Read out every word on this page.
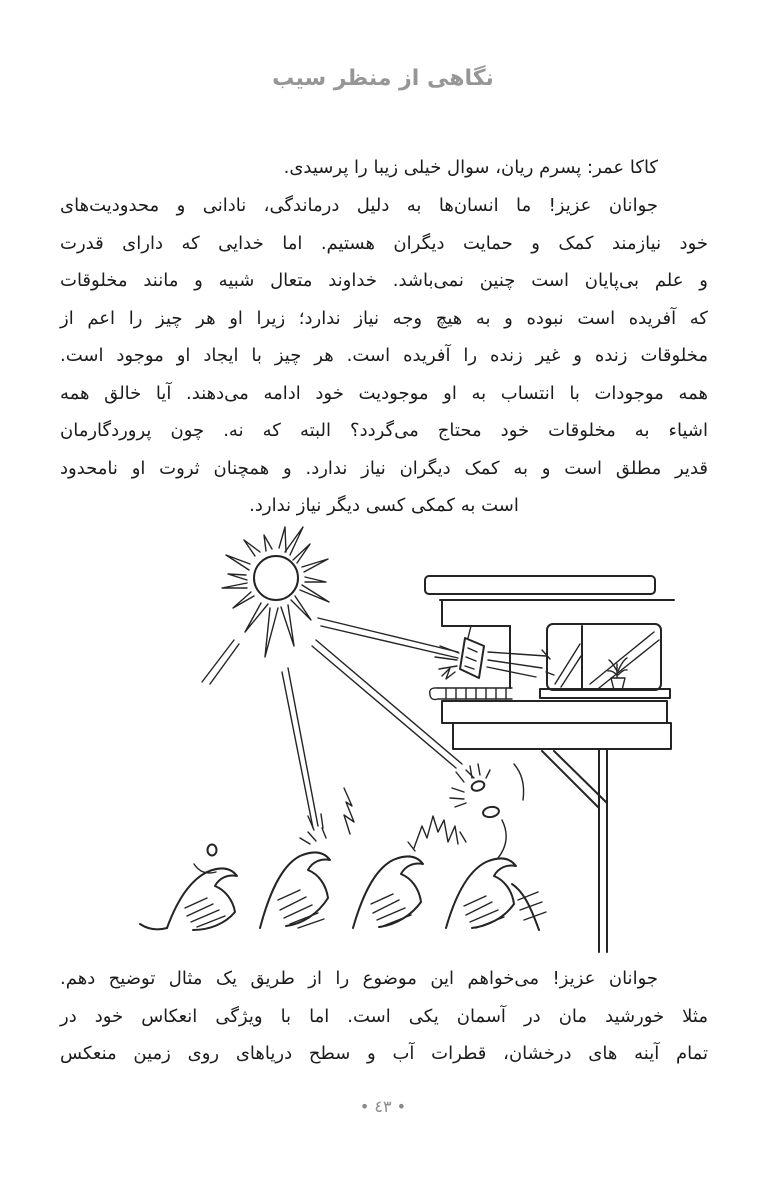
نگاهی از منظر سیب
کاکا عمر: پسرم ریان، سوال خیلی زیبا را پرسیدی.
جوانان عزیز! ما انسان‌ها به دلیل درماندگی، نادانی و محدودیت‌های
خود نیازمند کمک و حمایت دیگران هستیم. اما خدایی که دارای قدرت
و علم بی‌پایان است چنین نمی‌باشد. خداوند متعال شبیه و مانند مخلوقات
که آفریده است نبوده و به هیچ وجه نیاز ندارد؛ زیرا او هر چیز را اعم از
مخلوقات زنده و غیر زنده را آفریده است. هر چیز با ایجاد او موجود است.
همه موجودات با انتساب به او موجودیت خود ادامه می‌دهند. آیا خالق همه
اشیاء به مخلوقات خود محتاج می‌گردد؟ البته که نه. چون پروردگارمان
قدیر مطلق است و به کمک دیگران نیاز ندارد. و همچنان ثروت او نامحدود
است به کمکی کسی دیگر نیاز ندارد.
جوانان عزیز! می‌خواهم این موضوع را از طریق یک مثال توضیح دهم.
مثلا خورشید مان در آسمان یکی است. اما با ویژگی انعکاس خود در
تمام آینه های درخشان، قطرات آب و سطح دریاهای روی زمین منعکس
• ٤٣ •
